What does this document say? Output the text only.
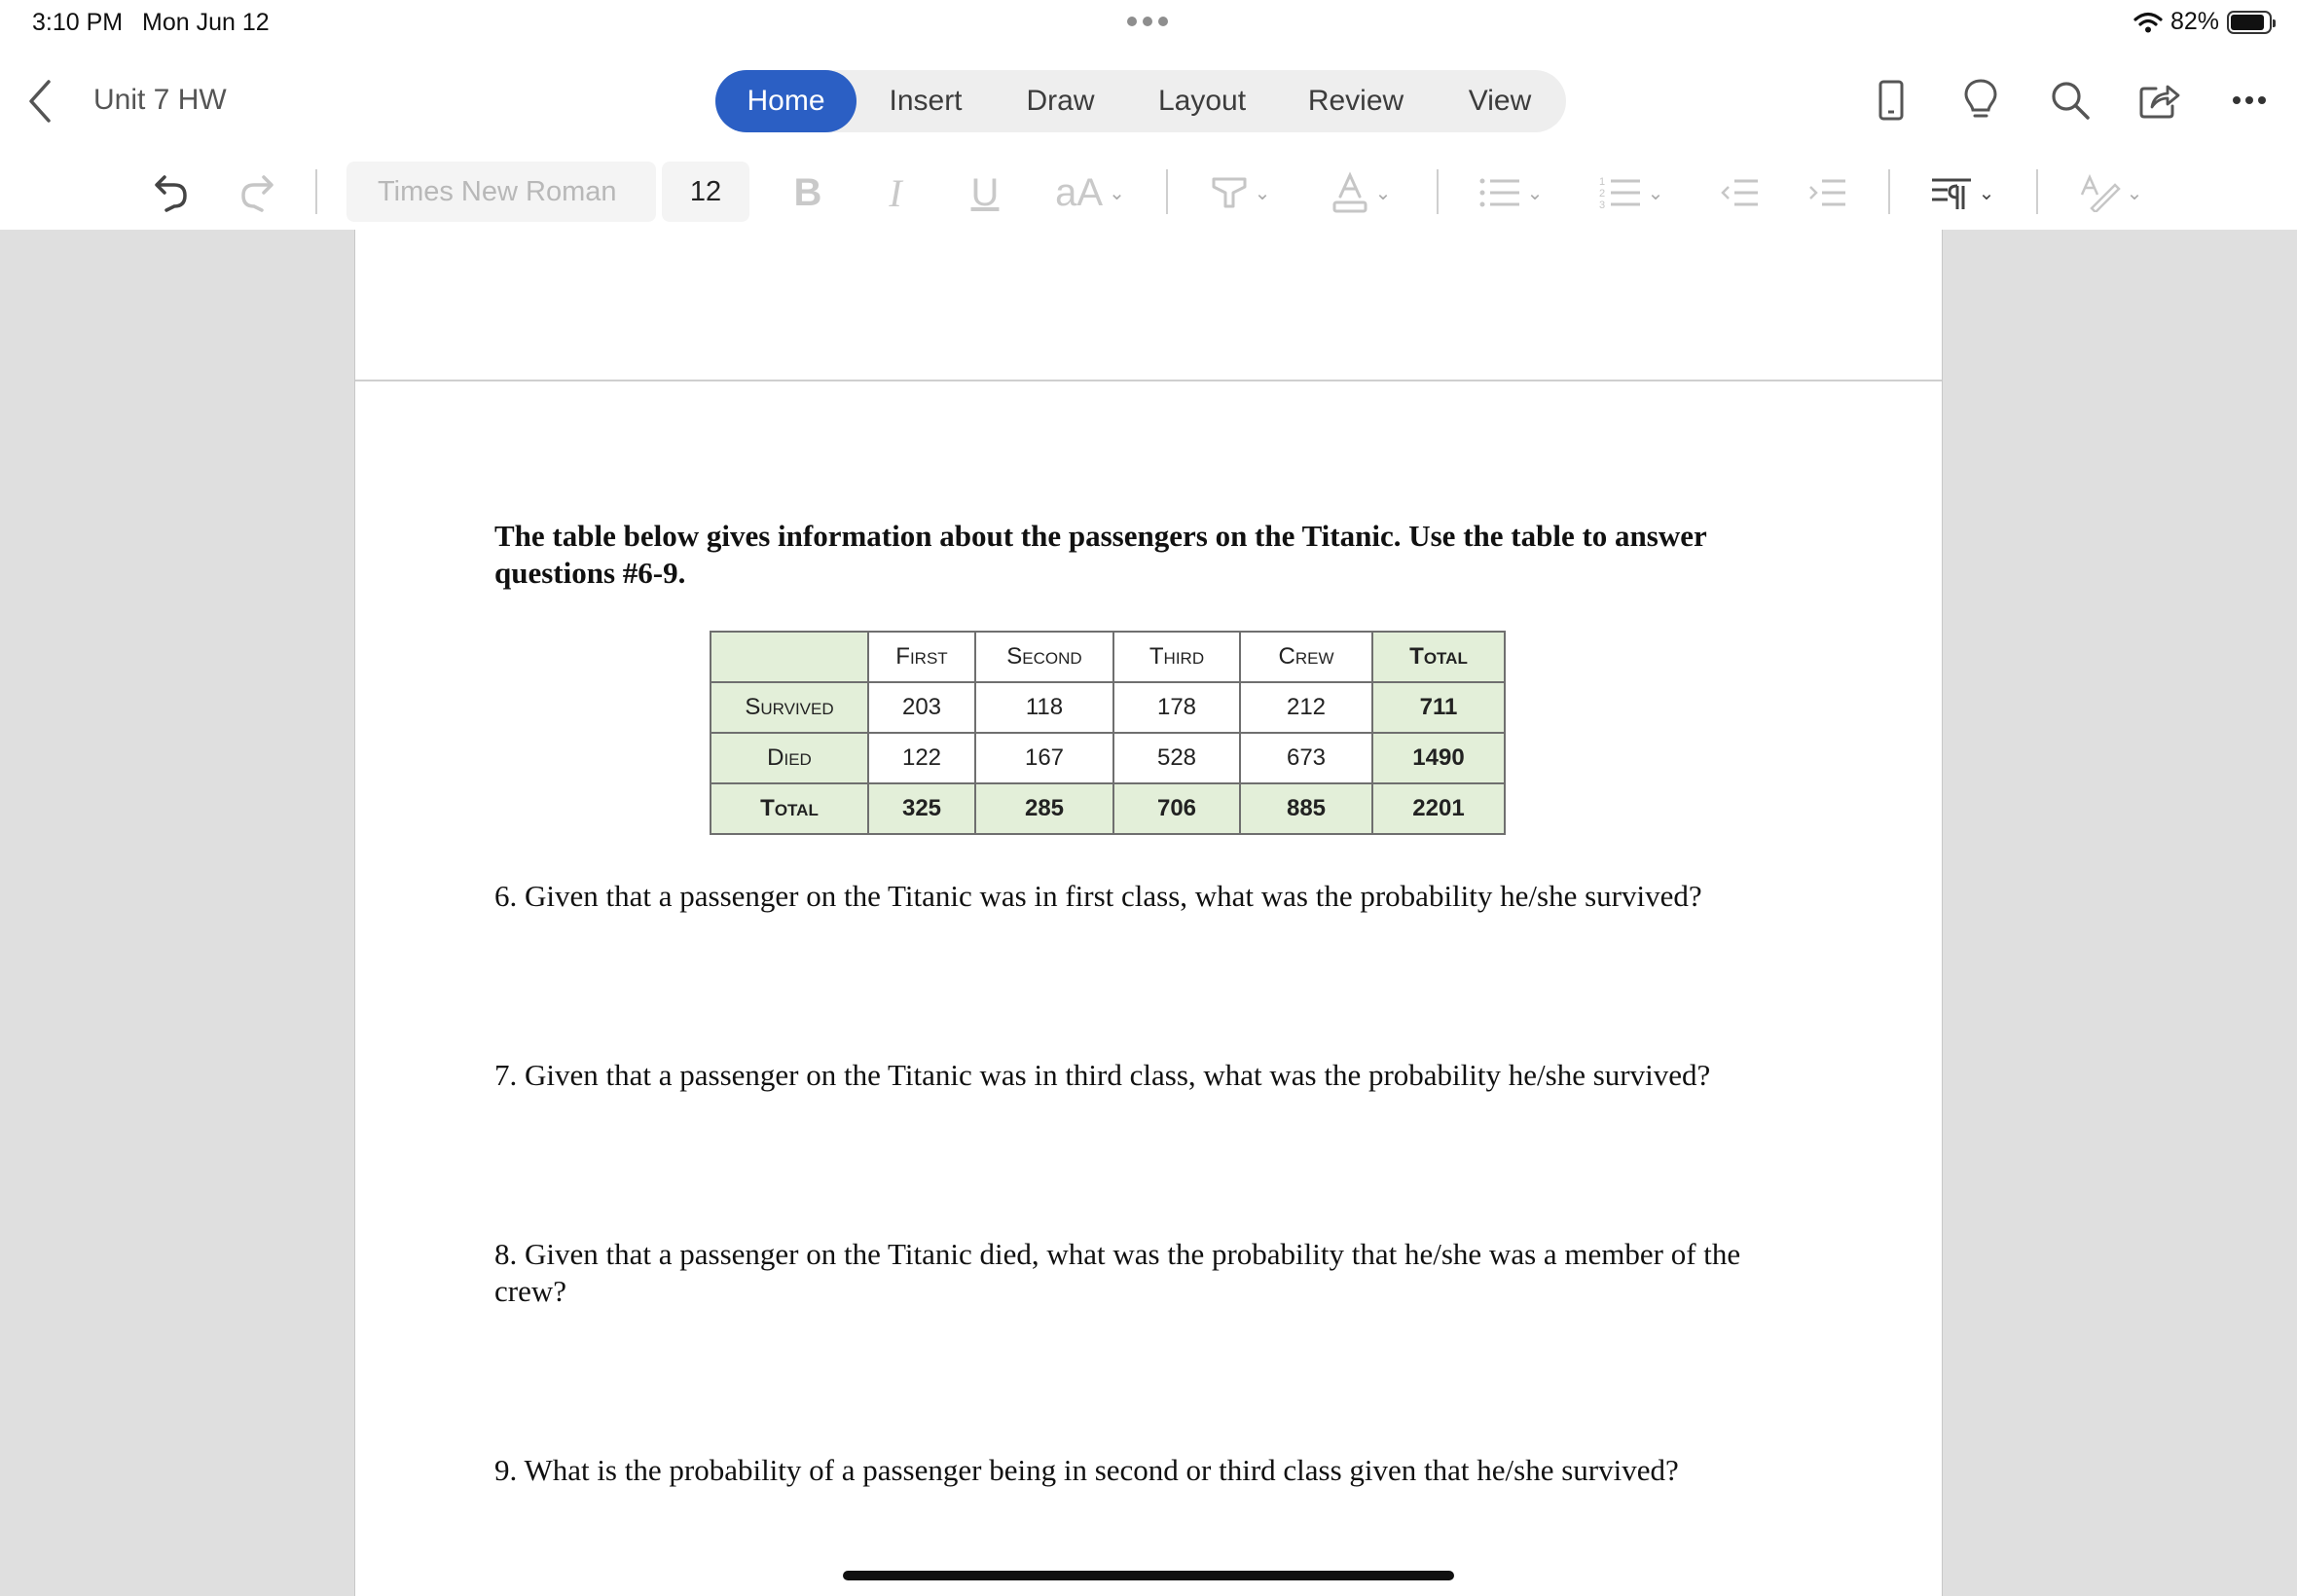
3:10 PM Mon Jun 12	82%
Unit 7 HW	Home	Insert	Draw	Layout	Review	View
Times New Roman	12	B	I	U aA ⌄	⌄	⌄	⌄
1
2
3
⌄	⌄	⌄
The table below gives information about the passengers on the Titanic. Use the table to answer questions #6-9.
	First	Second	Third	Crew	Total
Survived	203	118	178	212	711
Died	122	167	528	673	1490
Total	325	285	706	885	2201
6. Given that a passenger on the Titanic was in first class, what was the probability he/she survived?
7. Given that a passenger on the Titanic was in third class, what was the probability he/she survived?
8. Given that a passenger on the Titanic died, what was the probability that he/she was a member of the crew?
9. What is the probability of a passenger being in second or third class given that he/she survived?
